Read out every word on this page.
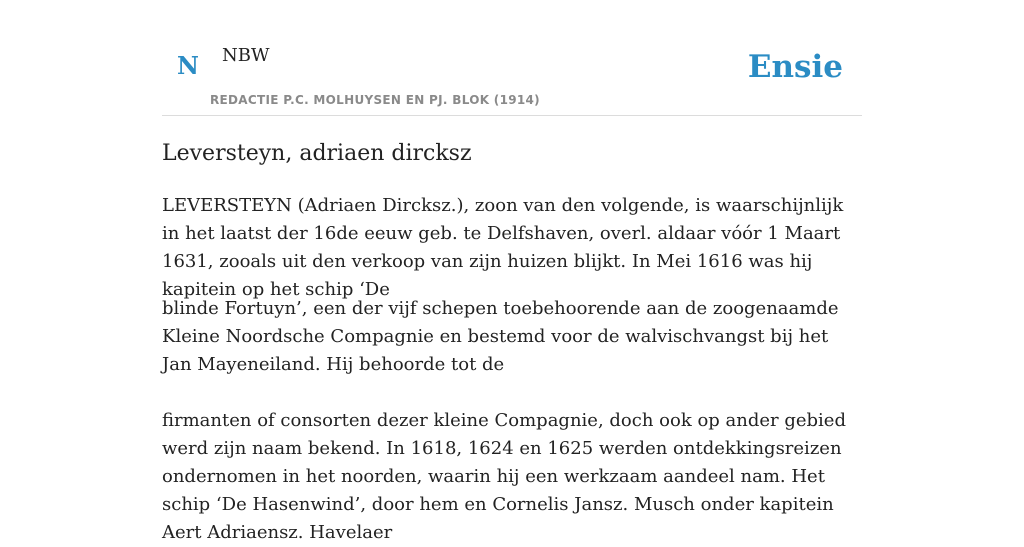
N NBW
REDACTIE P.C. MOLHUYSEN EN PJ. BLOK (1914)
Ensie
Leversteyn, adriaen dircksz

LEVERSTEYN (Adriaen Dircksz.), zoon van den volgende, is waarschijnlijk in het laatst der 16de eeuw geb. te Delfshaven, overl. aldaar vóór 1 Maart 1631, zooals uit den verkoop van zijn huizen blijkt. In Mei 1616 was hij kapitein op het schip ‘De

blinde Fortuyn’, een der vijf schepen toebehoorende aan de zoogenaamde Kleine Noordsche Compagnie en bestemd voor de walvischvangst bij het Jan Mayeneiland. Hij behoorde tot de

firmanten of consorten dezer kleine Compagnie, doch ook op ander gebied werd zijn naam bekend. In 1618, 1624 en 1625 werden ontdekkingsreizen ondernomen in het noorden, waarin hij een werkzaam aandeel nam. Het schip ‘De Hasenwind’, door hem en Cornelis Jansz. Musch onder kapitein Aert Adriaensz. Havelaer
